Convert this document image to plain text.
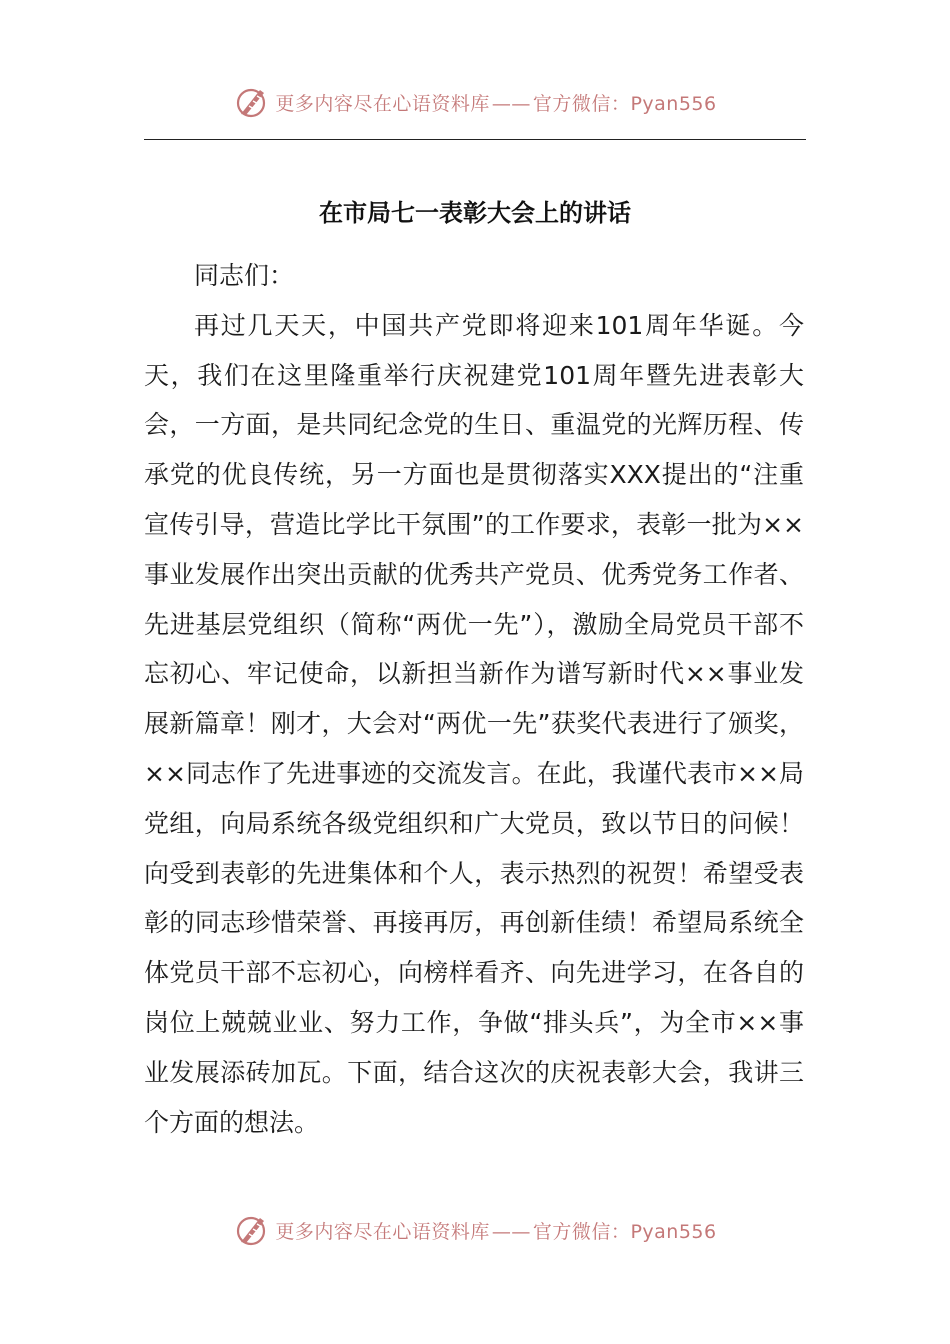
更多内容尽在心语资料库 —— 官方微信：Pyan556
在市局七一表彰大会上的讲话

同志们：

再过几天天，中国共产党即将迎来101周年华诞。今天，我们在这里隆重举行庆祝建党101周年暨先进表彰大会，一方面，是共同纪念党的生日、重温党的光辉历程、传承党的优良传统，另一方面也是贯彻落实XXX提出的“注重宣传引导，营造比学比干氛围”的工作要求，表彰一批为××事业发展作出突出贡献的优秀共产党员、优秀党务工作者、先进基层党组织（简称“两优一先”），激励全局党员干部不忘初心、牢记使命，以新担当新作为谱写新时代××事业发展新篇章！刚才，大会对“两优一先”获奖代表进行了颁奖，××同志作了先进事迹的交流发言。在此，我谨代表市××局党组，向局系统各级党组织和广大党员，致以节日的问候！向受到表彰的先进集体和个人，表示热烈的祝贺！希望受表彰的同志珍惜荣誉、再接再厉，再创新佳绩！希望局系统全体党员干部不忘初心，向榜样看齐、向先进学习，在各自的岗位上兢兢业业、努力工作，争做“排头兵”，为全市××事业发展添砖加瓦。下面，结合这次的庆祝表彰大会，我讲三个方面的想法。

更多内容尽在心语资料库 —— 官方微信：Pyan556
